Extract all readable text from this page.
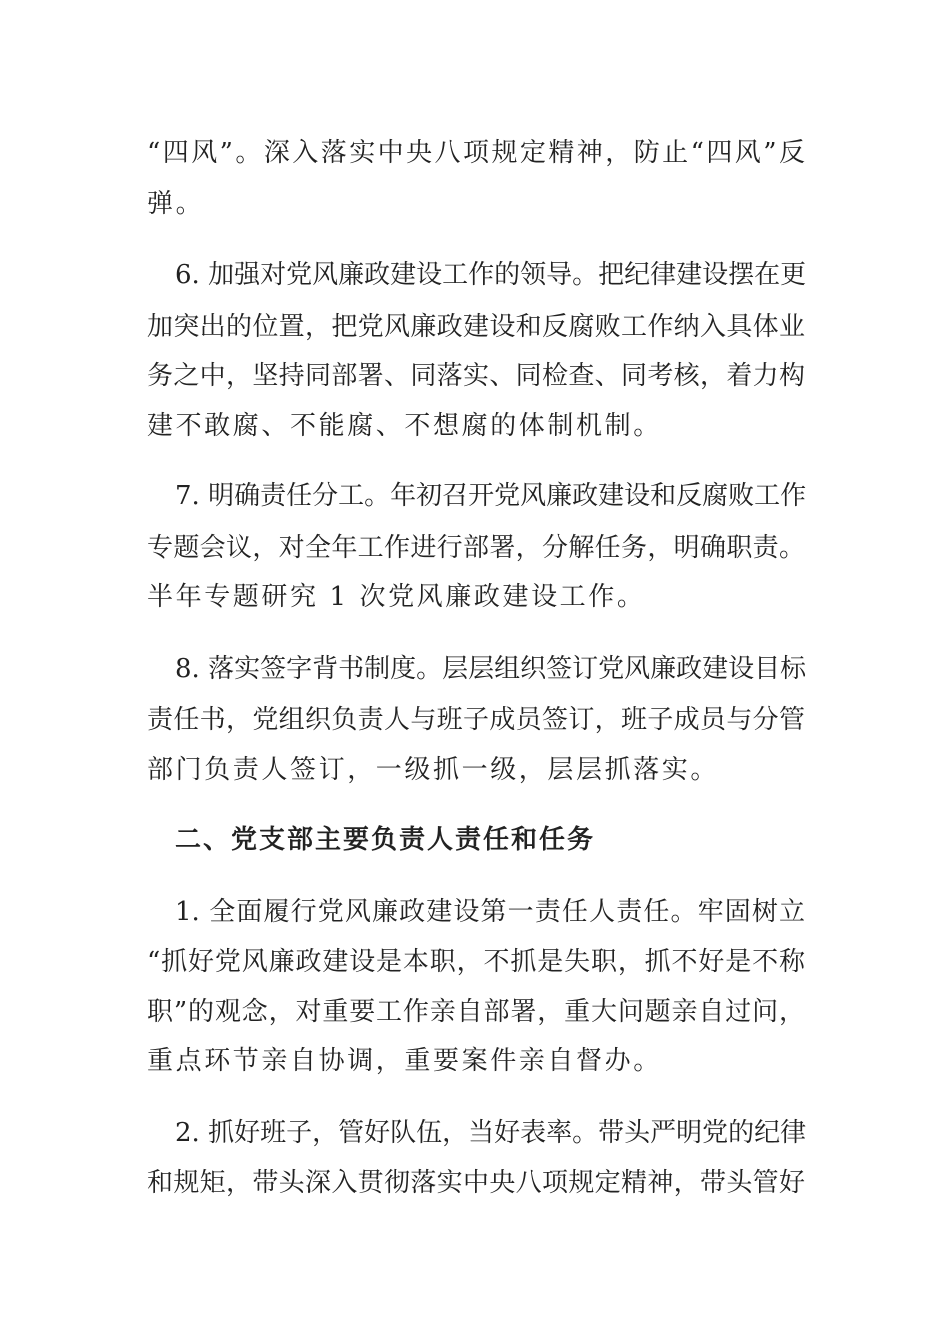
“四风”。深入落实中央八项规定精神，防止“四风”反
弹。
6. 加强对党风廉政建设工作的领导。把纪律建设摆在更
加突出的位置，把党风廉政建设和反腐败工作纳入具体业
务之中，坚持同部署、同落实、同检查、同考核，着力构
建不敢腐、不能腐、不想腐的体制机制。
7. 明确责任分工。年初召开党风廉政建设和反腐败工作
专题会议，对全年工作进行部署，分解任务，明确职责。
半年专题研究 1 次党风廉政建设工作。
8. 落实签字背书制度。层层组织签订党风廉政建设目标
责任书，党组织负责人与班子成员签订，班子成员与分管
部门负责人签订，一级抓一级，层层抓落实。
二、党支部主要负责人责任和任务
1. 全面履行党风廉政建设第一责任人责任。牢固树立
“抓好党风廉政建设是本职，不抓是失职，抓不好是不称
职”的观念，对重要工作亲自部署，重大问题亲自过问，
重点环节亲自协调，重要案件亲自督办。
2. 抓好班子，管好队伍，当好表率。带头严明党的纪律
和规矩，带头深入贯彻落实中央八项规定精神，带头管好
